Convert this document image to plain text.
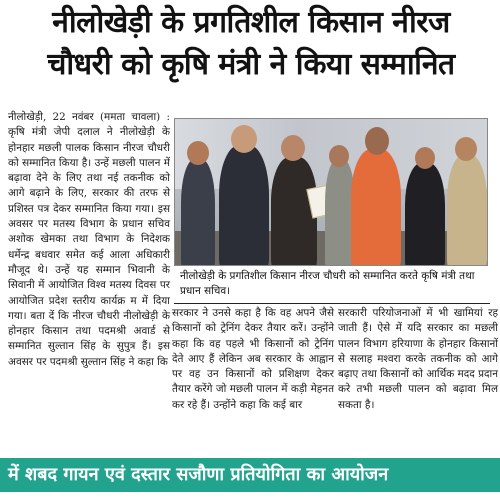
नीलोखेड़ी के प्रगतिशील किसान नीरज
चौधरी को कृषि मंत्री ने किया सम्मानित

नीलोखेड़ी, 22 नवंबर (ममता चावला) : कृषि मंत्री जेपी दलाल ने नीलोखेड़ी के होनहार मछली पालक किसान नीरज चौधरी को सम्मानित किया है। उन्हें मछली पालन में बढ़ावा देने के लिए तथा नई तकनीक को आगे बढ़ाने के लिए, सरकार की तरफ से प्रशिस्त पत्र देकर सम्मानित किया गया। इस अवसर पर मतस्य विभाग के प्रधान सचिव अशोक खेमका तथा विभाग के निदेशक धर्मेन्द्र बधवार समेत कई आला अधिकारी मौजूद थे। उन्हें यह सम्मान भिवानी के सिवानी में आयोजित विश्व मतस्य दिवस पर आयोजित प्रदेश स्तरीय कार्यक्र म में दिया गया। बता दें कि नीरज चौधरी नीलोखेड़ी के होनहार किसान तथा पदमश्री अवार्ड से सम्मानित सुल्तान सिंह के सुपुत्र हैं। इस अवसर पर पदमश्री सुल्तान सिंह ने कहा कि

नीलोखेड़ी के प्रगतिशील किसान नीरज चौधरी को सम्मानित करते कृषि मंत्री तथा प्रधान सचिव।

सरकार ने उनसे कहा है कि वह अपने जैसे किसानों को ट्रेनिंग देकर तैयार करें। उन्होंने कहा कि वह पहले भी किसानों को ट्रेनिंग देते आए हैं लेकिन अब सरकार के आह्वान पर वह उन किसानों को प्रशिक्षण देकर तैयार करेंगे जो मछली पालन में कड़ी मेहनत कर रहे हैं। उन्होंने कहा कि कई बार

सरकारी परियोजनाओं में भी खामियां रह जाती हैं। ऐसे में यदि सरकार का मछली पालन विभाग हरियाणा के होनहार किसानों से सलाह मश्वरा करके तकनीक को आगे बढ़ाए तथा किसानों को आर्थिक मदद प्रदान करे तभी मछली पालन को बढ़ावा मिल सकता है।

में शबद गायन एवं दस्तार सजौणा प्रतियोगिता का आयोजन
